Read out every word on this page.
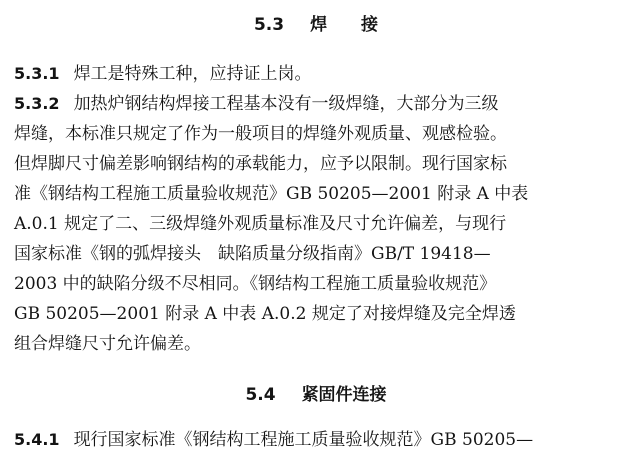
5.3 焊　　接
5.3.1 焊工是特殊工种，应持证上岗。
5.3.2 加热炉钢结构焊接工程基本没有一级焊缝，大部分为三级
焊缝，本标准只规定了作为一般项目的焊缝外观质量、观感检验。
但焊脚尺寸偏差影响钢结构的承载能力，应予以限制。现行国家标
准《钢结构工程施工质量验收规范》GB 50205—2001 附录 A 中表
A.0.1 规定了二、三级焊缝外观质量标准及尺寸允许偏差，与现行
国家标准《钢的弧焊接头　缺陷质量分级指南》GB/T 19418—
2003 中的缺陷分级不尽相同。《钢结构工程施工质量验收规范》
GB 50205—2001 附录 A 中表 A.0.2 规定了对接焊缝及完全焊透
组合焊缝尺寸允许偏差。
5.4 紧固件连接
5.4.1 现行国家标准《钢结构工程施工质量验收规范》GB 50205—
